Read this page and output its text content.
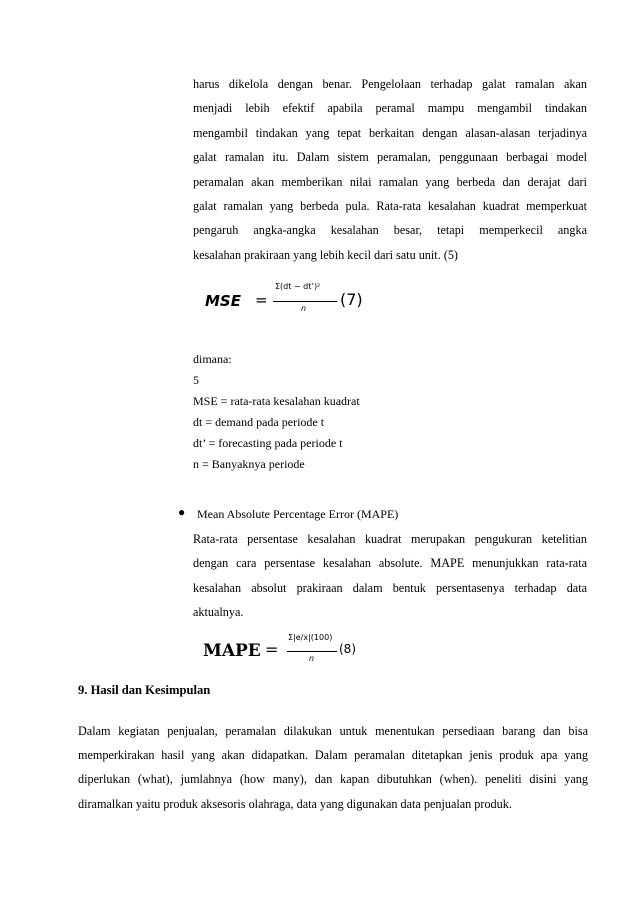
harus dikelola dengan benar. Pengelolaan terhadap galat ramalan akan
menjadi lebih efektif apabila peramal mampu mengambil tindakan
mengambil tindakan yang tepat berkaitan dengan alasan-alasan terjadinya
galat ramalan itu. Dalam sistem peramalan, penggunaan berbagai model
peramalan akan memberikan nilai ramalan yang berbeda dan derajat dari
galat ramalan yang berbeda pula. Rata-rata kesalahan kuadrat memperkuat
pengaruh angka-angka kesalahan besar, tetapi memperkecil angka
kesalahan prakiraan yang lebih kecil dari satu unit. (5)
MSE =
Σ(dt − dt’)²
n (7)
dimana:
5
MSE = rata-rata kesalahan kuadrat
dt = demand pada periode t
dt’ = forecasting pada periode t
n = Banyaknya periode
● Mean Absolute Percentage Error (MAPE)
Rata-rata persentase kesalahan kuadrat merupakan pengukuran ketelitian
dengan cara persentase kesalahan absolute. MAPE menunjukkan rata-rata
kesalahan absolut prakiraan dalam bentuk persentasenya terhadap data
aktualnya.
MAPE =
Σ|e/x|(100)
n
(8)
9. Hasil dan Kesimpulan
Dalam kegiatan penjualan, peramalan dilakukan untuk menentukan persediaan barang dan bisa
memperkirakan hasil yang akan didapatkan. Dalam peramalan ditetapkan jenis produk apa yang
diperlukan (what), jumlahnya (how many), dan kapan dibutuhkan (when). peneliti disini yang
diramalkan yaitu produk aksesoris olahraga, data yang digunakan data penjualan produk.
